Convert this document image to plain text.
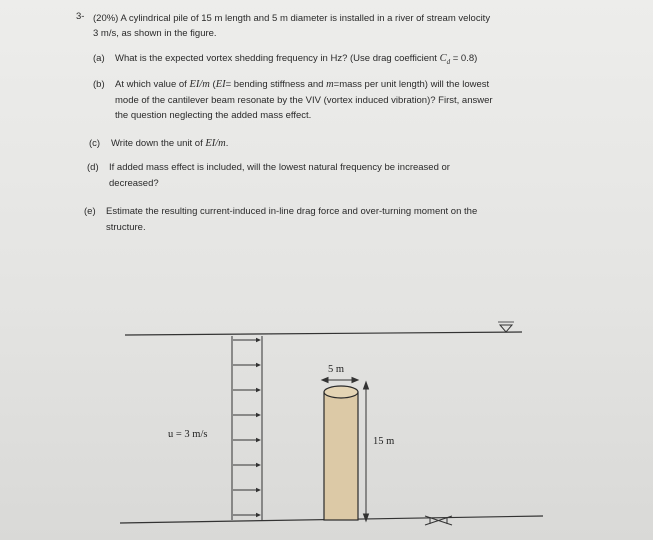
3- (20%) A cylindrical pile of 15 m length and 5 m diameter is installed in a river of stream velocity
3 m/s, as shown in the figure.
(a) What is the expected vortex shedding frequency in Hz? (Use drag coefficient $C_d = 0.8$)
(b) At which value of EI/m (EI= bending stiffness and m=mass per unit length) will the lowest
mode of the cantilever beam resonate by the VIV (vortex induced vibration)? First, answer
the question neglecting the added mass effect.
(c) Write down the unit of EI/m.
(d) If added mass effect is included, will the lowest natural frequency be increased or
decreased?
(e) Estimate the resulting current-induced in-line drag force and over-turning moment on the
structure.
u = 3 m/s
5 m
15 m
